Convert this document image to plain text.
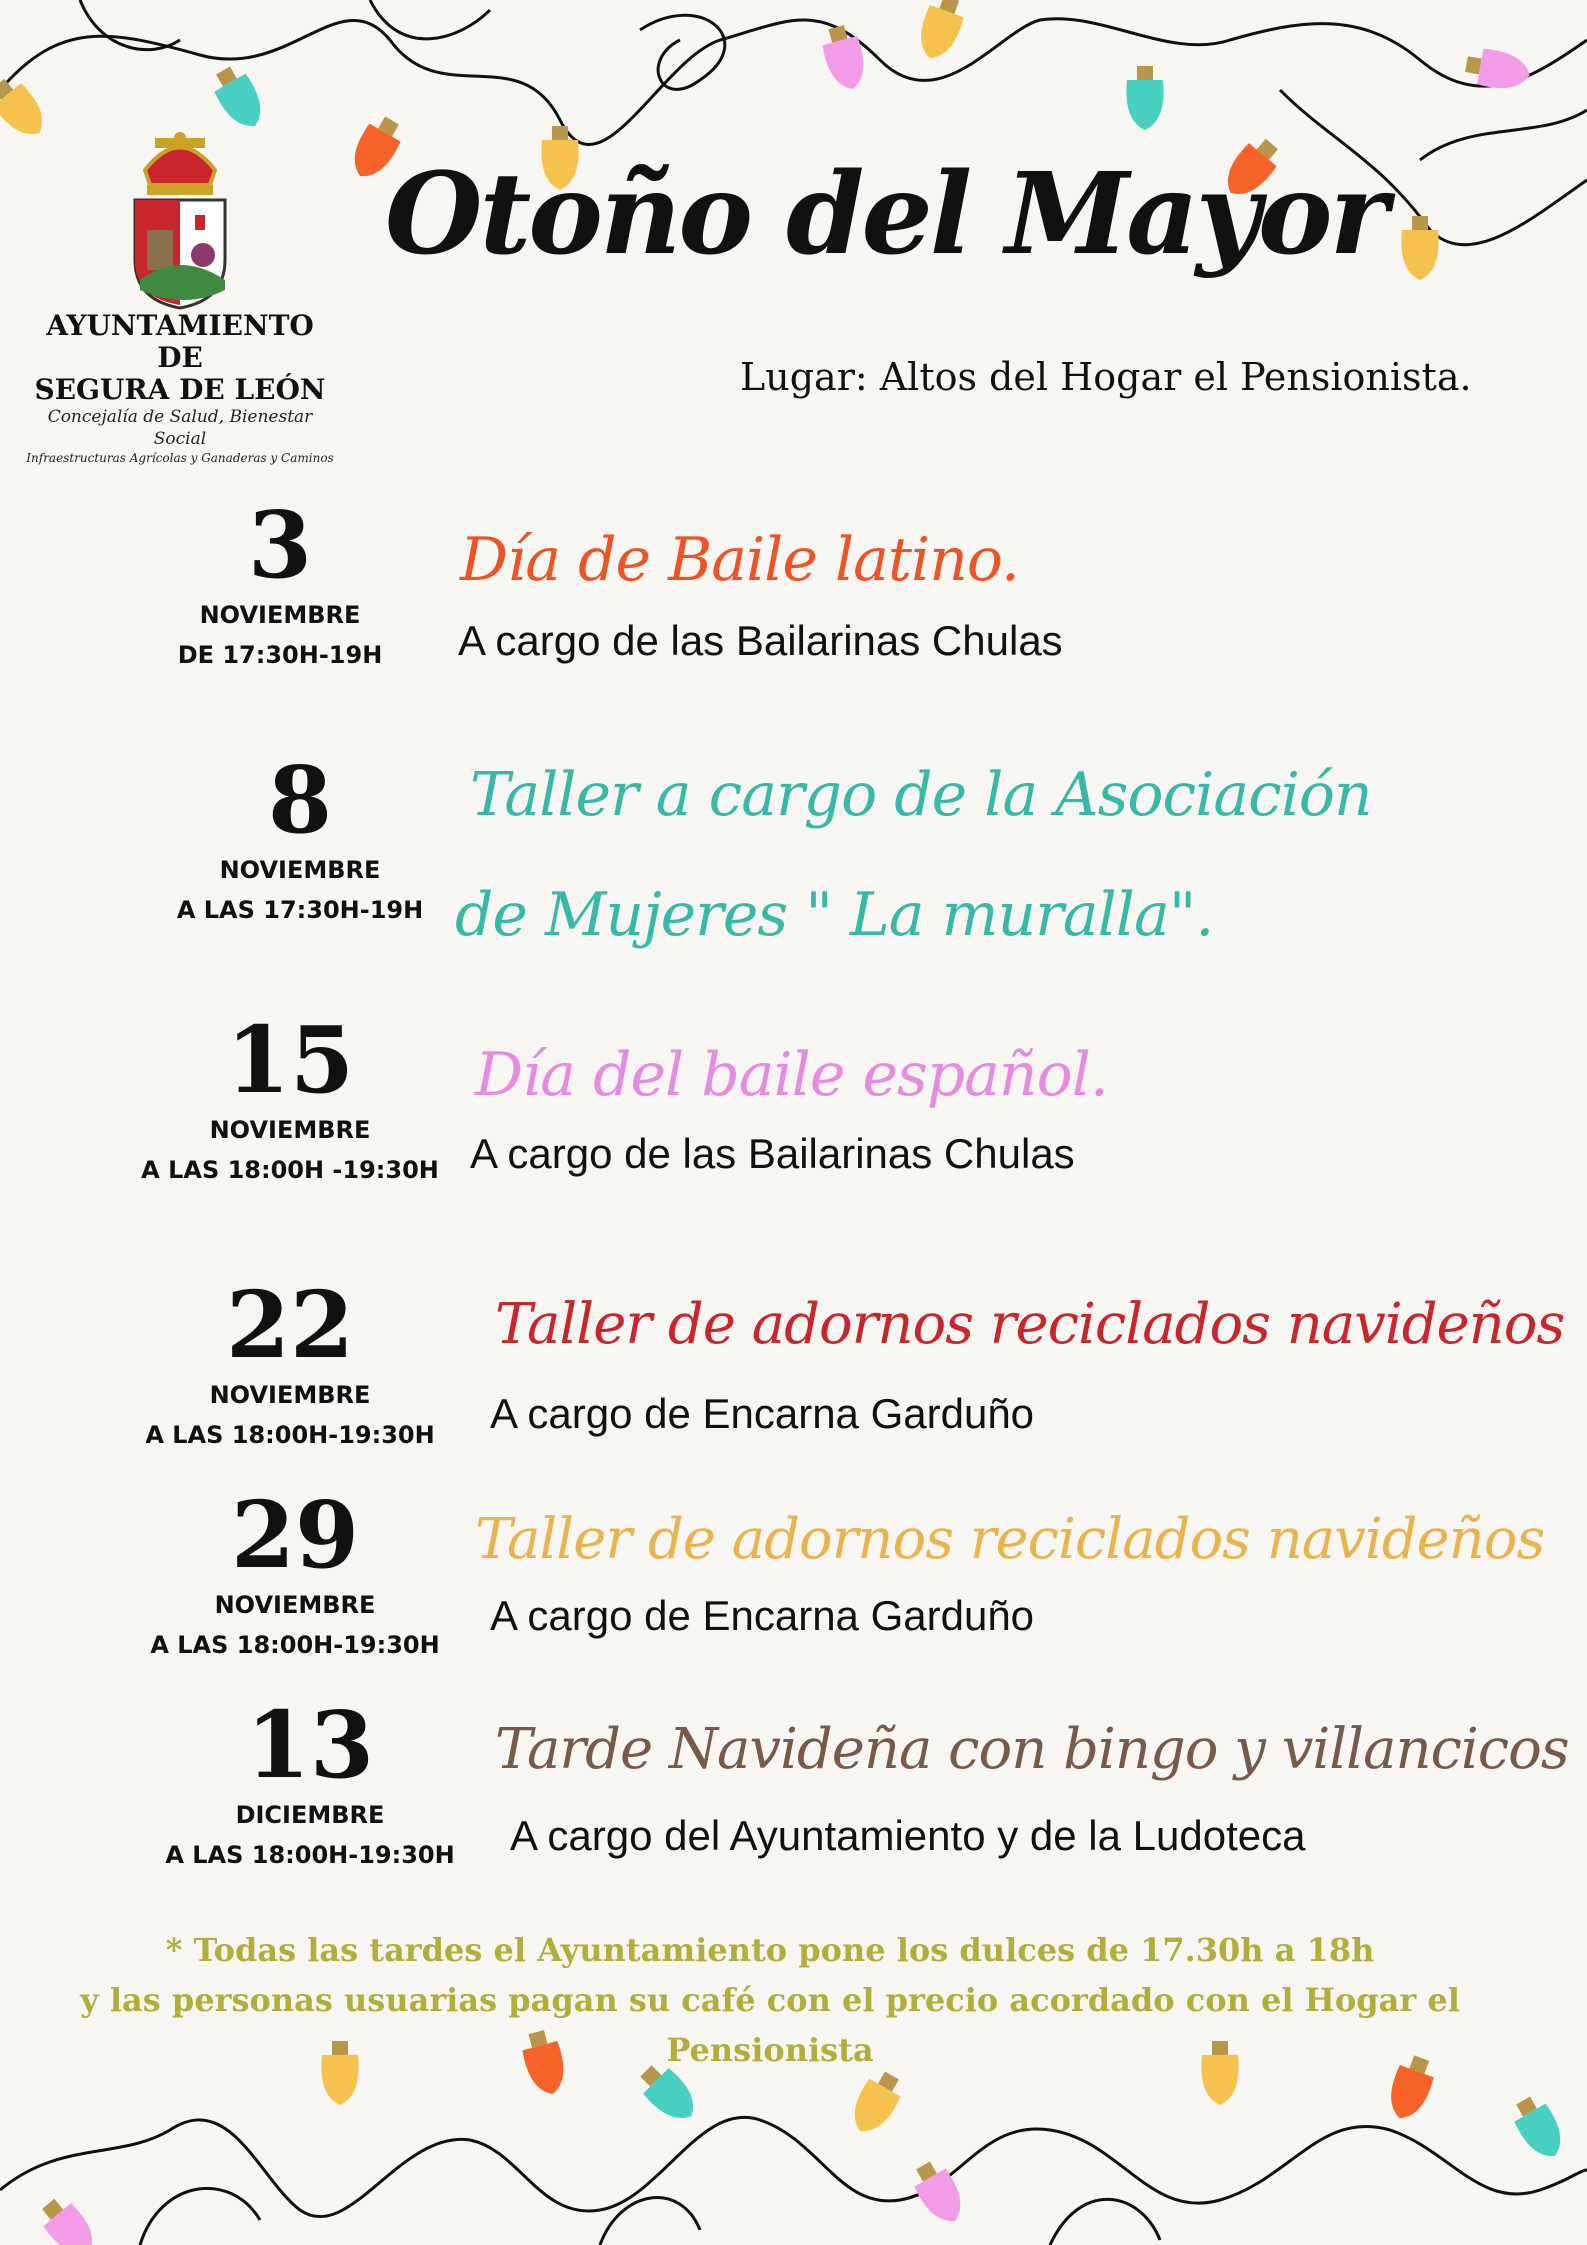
AYUNTAMIENTO DE
SEGURA DE LEÓN
Concejalía de Salud, Bienestar Social
Infraestructuras Agrícolas y Ganaderas y Caminos
Otoño del Mayor
Lugar: Altos del Hogar el Pensionista.
3
NOVIEMBRE
DE 17:30H-19H
Día de Baile latino.
A cargo de las Bailarinas Chulas
8
NOVIEMBRE
A LAS 17:30H-19H
Taller a cargo de la Asociación
de Mujeres " La muralla".
15
NOVIEMBRE
A LAS 18:00H -19:30H
Día del baile español.
A cargo de las Bailarinas Chulas
22
NOVIEMBRE
A LAS 18:00H-19:30H
Taller de adornos reciclados navideños
A cargo de Encarna Garduño
29
NOVIEMBRE
A LAS 18:00H-19:30H
Taller de adornos reciclados navideños
A cargo de Encarna Garduño
13
DICIEMBRE
A LAS 18:00H-19:30H
Tarde Navideña con bingo y villancicos
A cargo del Ayuntamiento y de la Ludoteca
* Todas las tardes el Ayuntamiento pone los dulces de 17.30h a 18h
y las personas usuarias pagan su café con el precio acordado con el Hogar el
Pensionista
